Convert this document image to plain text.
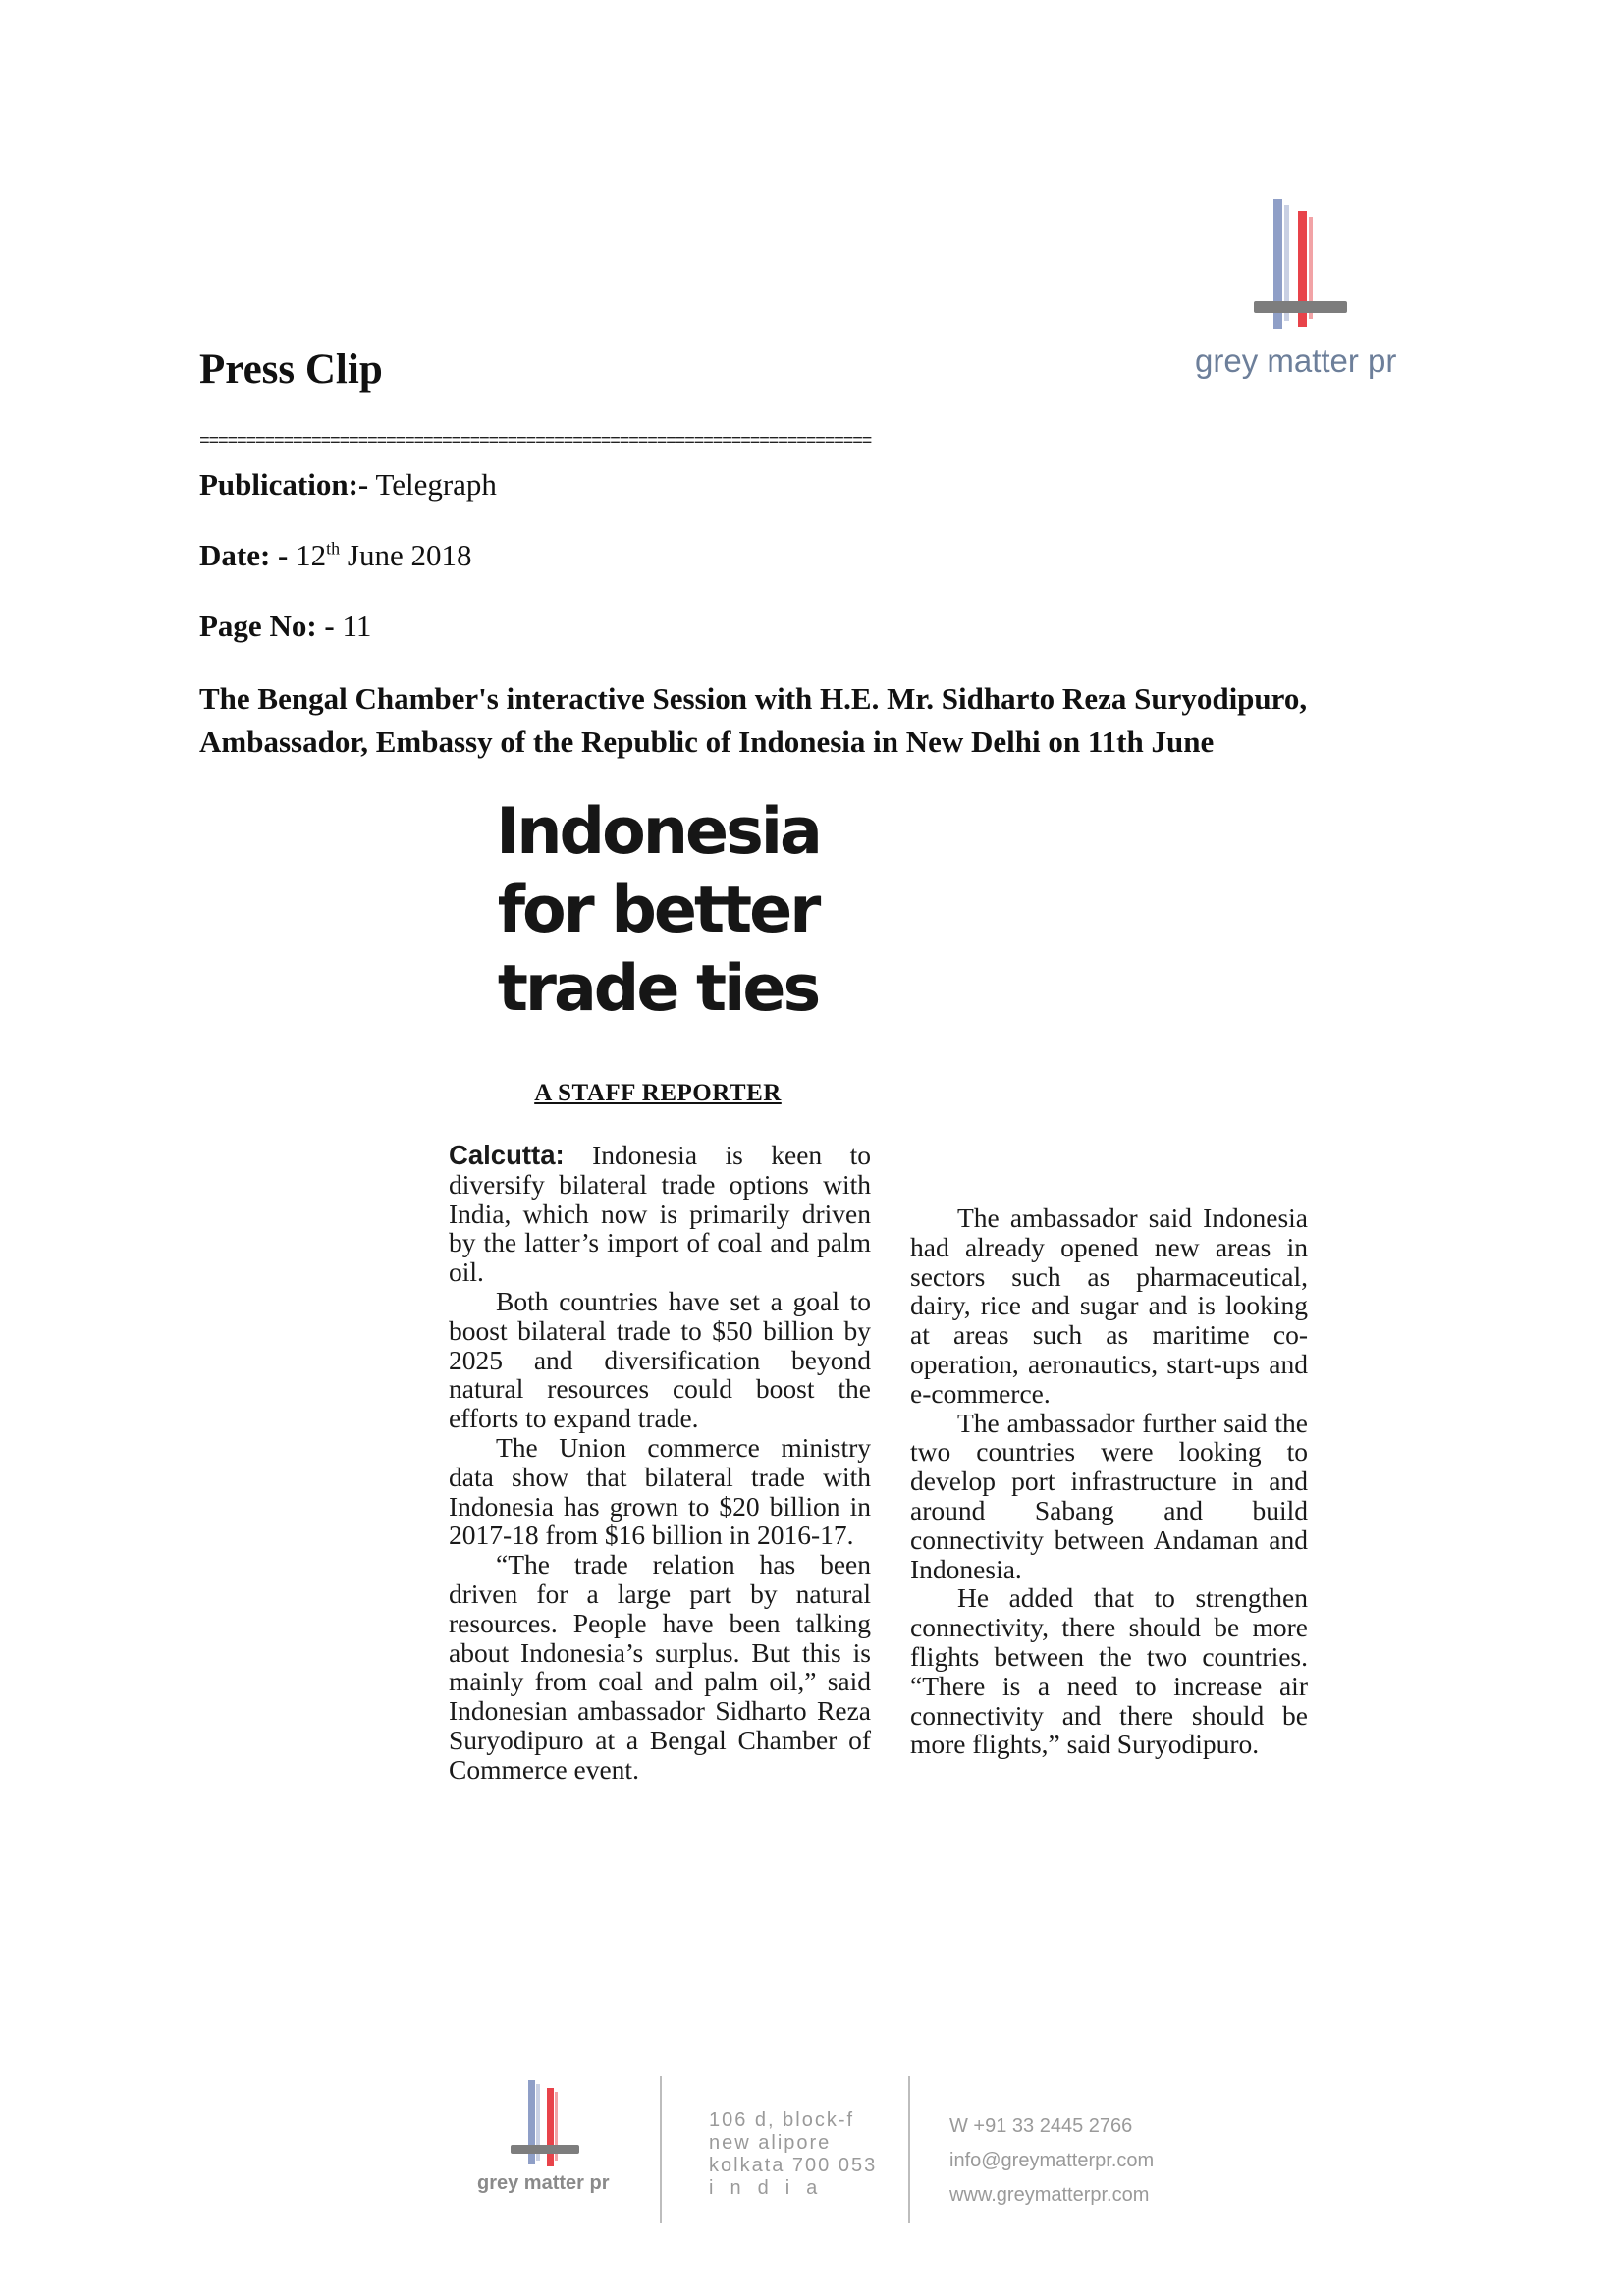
Press Clip	grey matter pr
========================================================================
Publication:- Telegraph
Date: - 12th June 2018
Page No: - 11
The Bengal Chamber's interactive Session with H.E. Mr. Sidharto Reza Suryodipuro, Ambassador, Embassy of the Republic of Indonesia in New Delhi on 11th June
Indonesia
for better
trade ties
A STAFF REPORTER

Calcutta: Indonesia is keen to diversify bilateral trade options with India, which now is primarily driven by the latter’s import of coal and palm oil.

Both countries have set a goal to boost bilateral trade to $50 billion by 2025 and diversification beyond natural resources could boost the efforts to expand trade.

The Union commerce ministry data show that bilateral trade with Indonesia has grown to $20 billion in 2017-18 from $16 billion in 2016-17.

“The trade relation has been driven for a large part by natural resources. People have been talking about Indonesia’s surplus. But this is mainly from coal and palm oil,” said Indonesian ambassador Sidharto Reza Suryodipuro at a Bengal Chamber of Commerce event.

The ambassador said Indonesia had already opened new areas in sectors such as pharmaceutical, dairy, rice and sugar and is looking at areas such as maritime co-operation, aeronautics, start-ups and e-commerce.

The ambassador further said the two countries were looking to develop port infrastructure in and around Sabang and build connectivity between Andaman and Indonesia.

He added that to strengthen connectivity, there should be more flights between the two countries. “There is a need to increase air connectivity and there should be more flights,” said Suryodipuro.

grey matter pr
106 d, block-f
new alipore
kolkata 700 053
india
W +91 33 2445 2766
info@greymatterpr.com
www.greymatterpr.com
